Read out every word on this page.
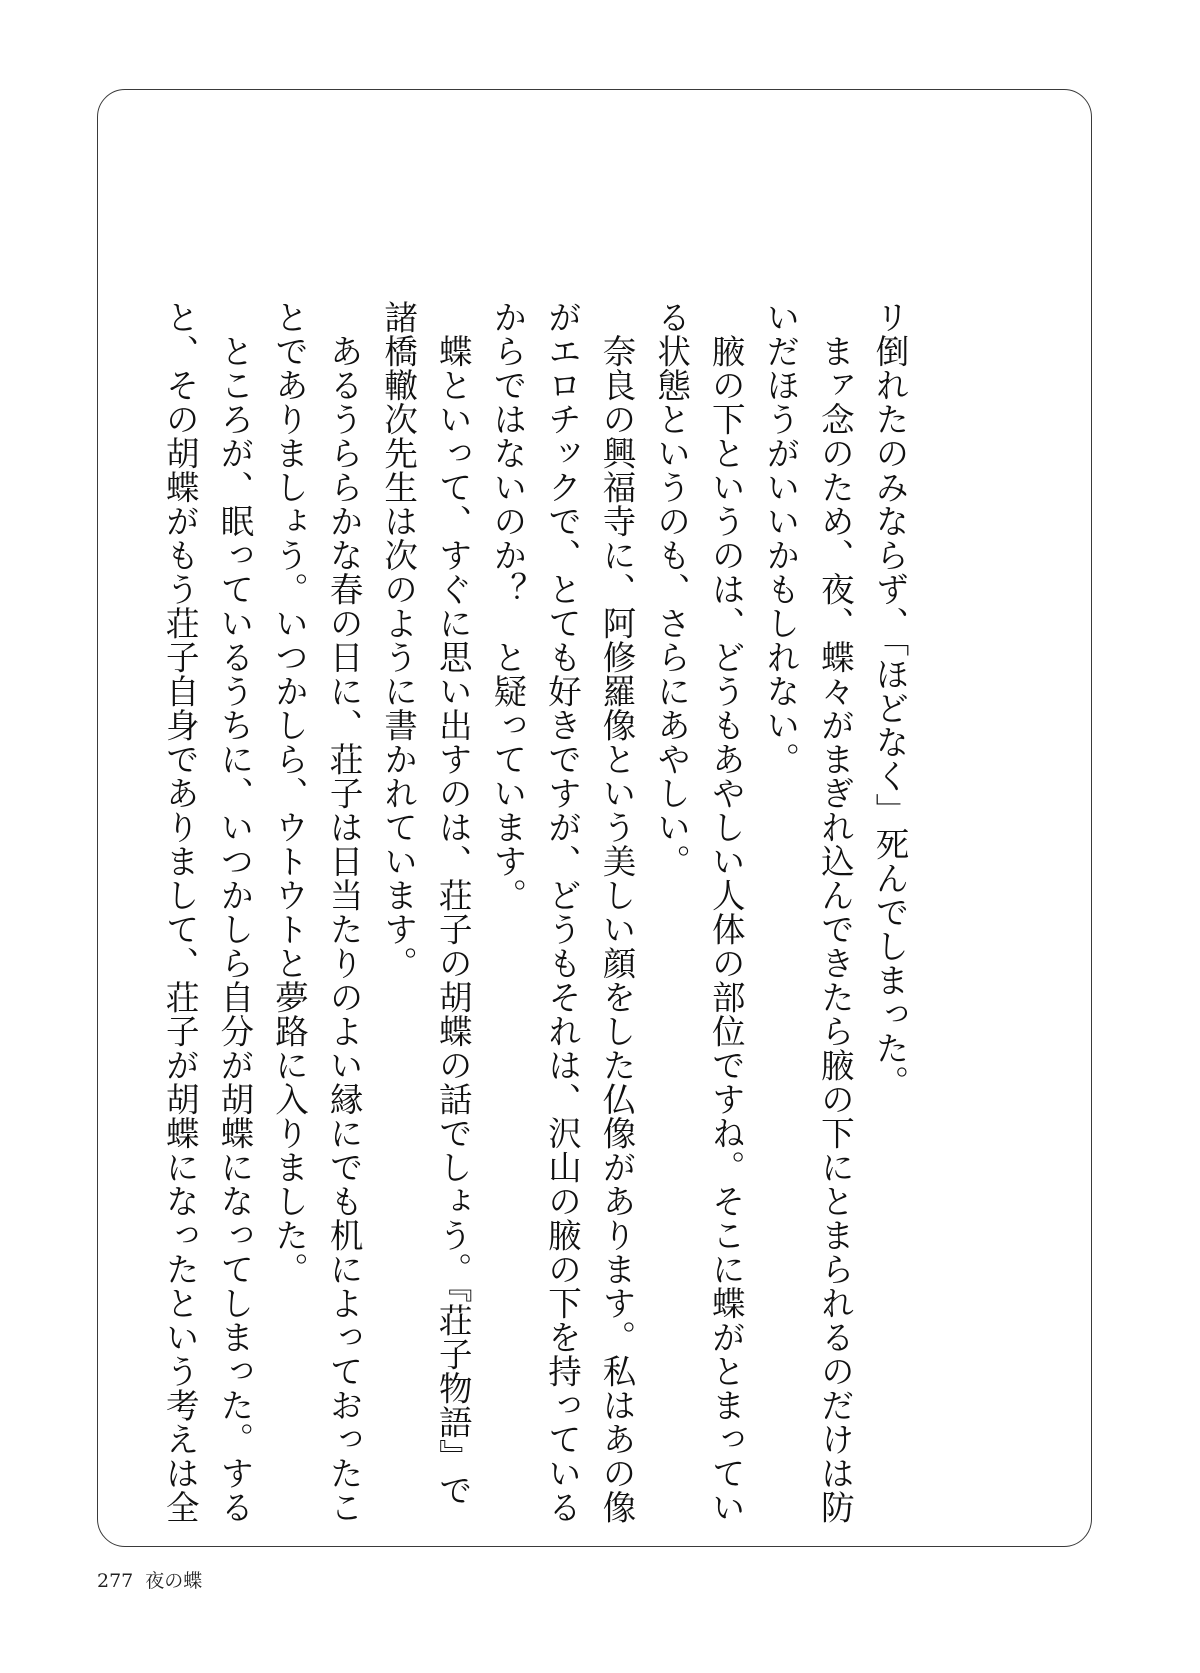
リ倒れたのみならず、「ほどなく」死んでしまった。
　まァ念のため、夜、蝶々がまぎれ込んできたら腋の下にとまられるのだけは防
いだほうがいいかもしれない。
　腋の下というのは、どうもあやしい人体の部位ですね。そこに蝶がとまってい
る状態というのも、さらにあやしい。
　奈良の興福寺に、阿修羅像という美しい顔をした仏像があります。私はあの像
がエロチックで、とても好きですが、どうもそれは、沢山の腋の下を持っている
からではないのか？　と疑っています。
　蝶といって、すぐに思い出すのは、荘子の胡蝶の話でしょう。『荘子物語』で
諸橋轍次先生は次のように書かれています。
　あるうららかな春の日に、荘子は日当たりのよい縁にでも机によっておったこ
とでありましょう。いつかしら、ウトウトと夢路に入りました。
　ところが、眠っているうちに、いつかしら自分が胡蝶になってしまった。する
と、その胡蝶がもう荘子自身でありまして、荘子が胡蝶になったという考えは全
277 夜の蝶
